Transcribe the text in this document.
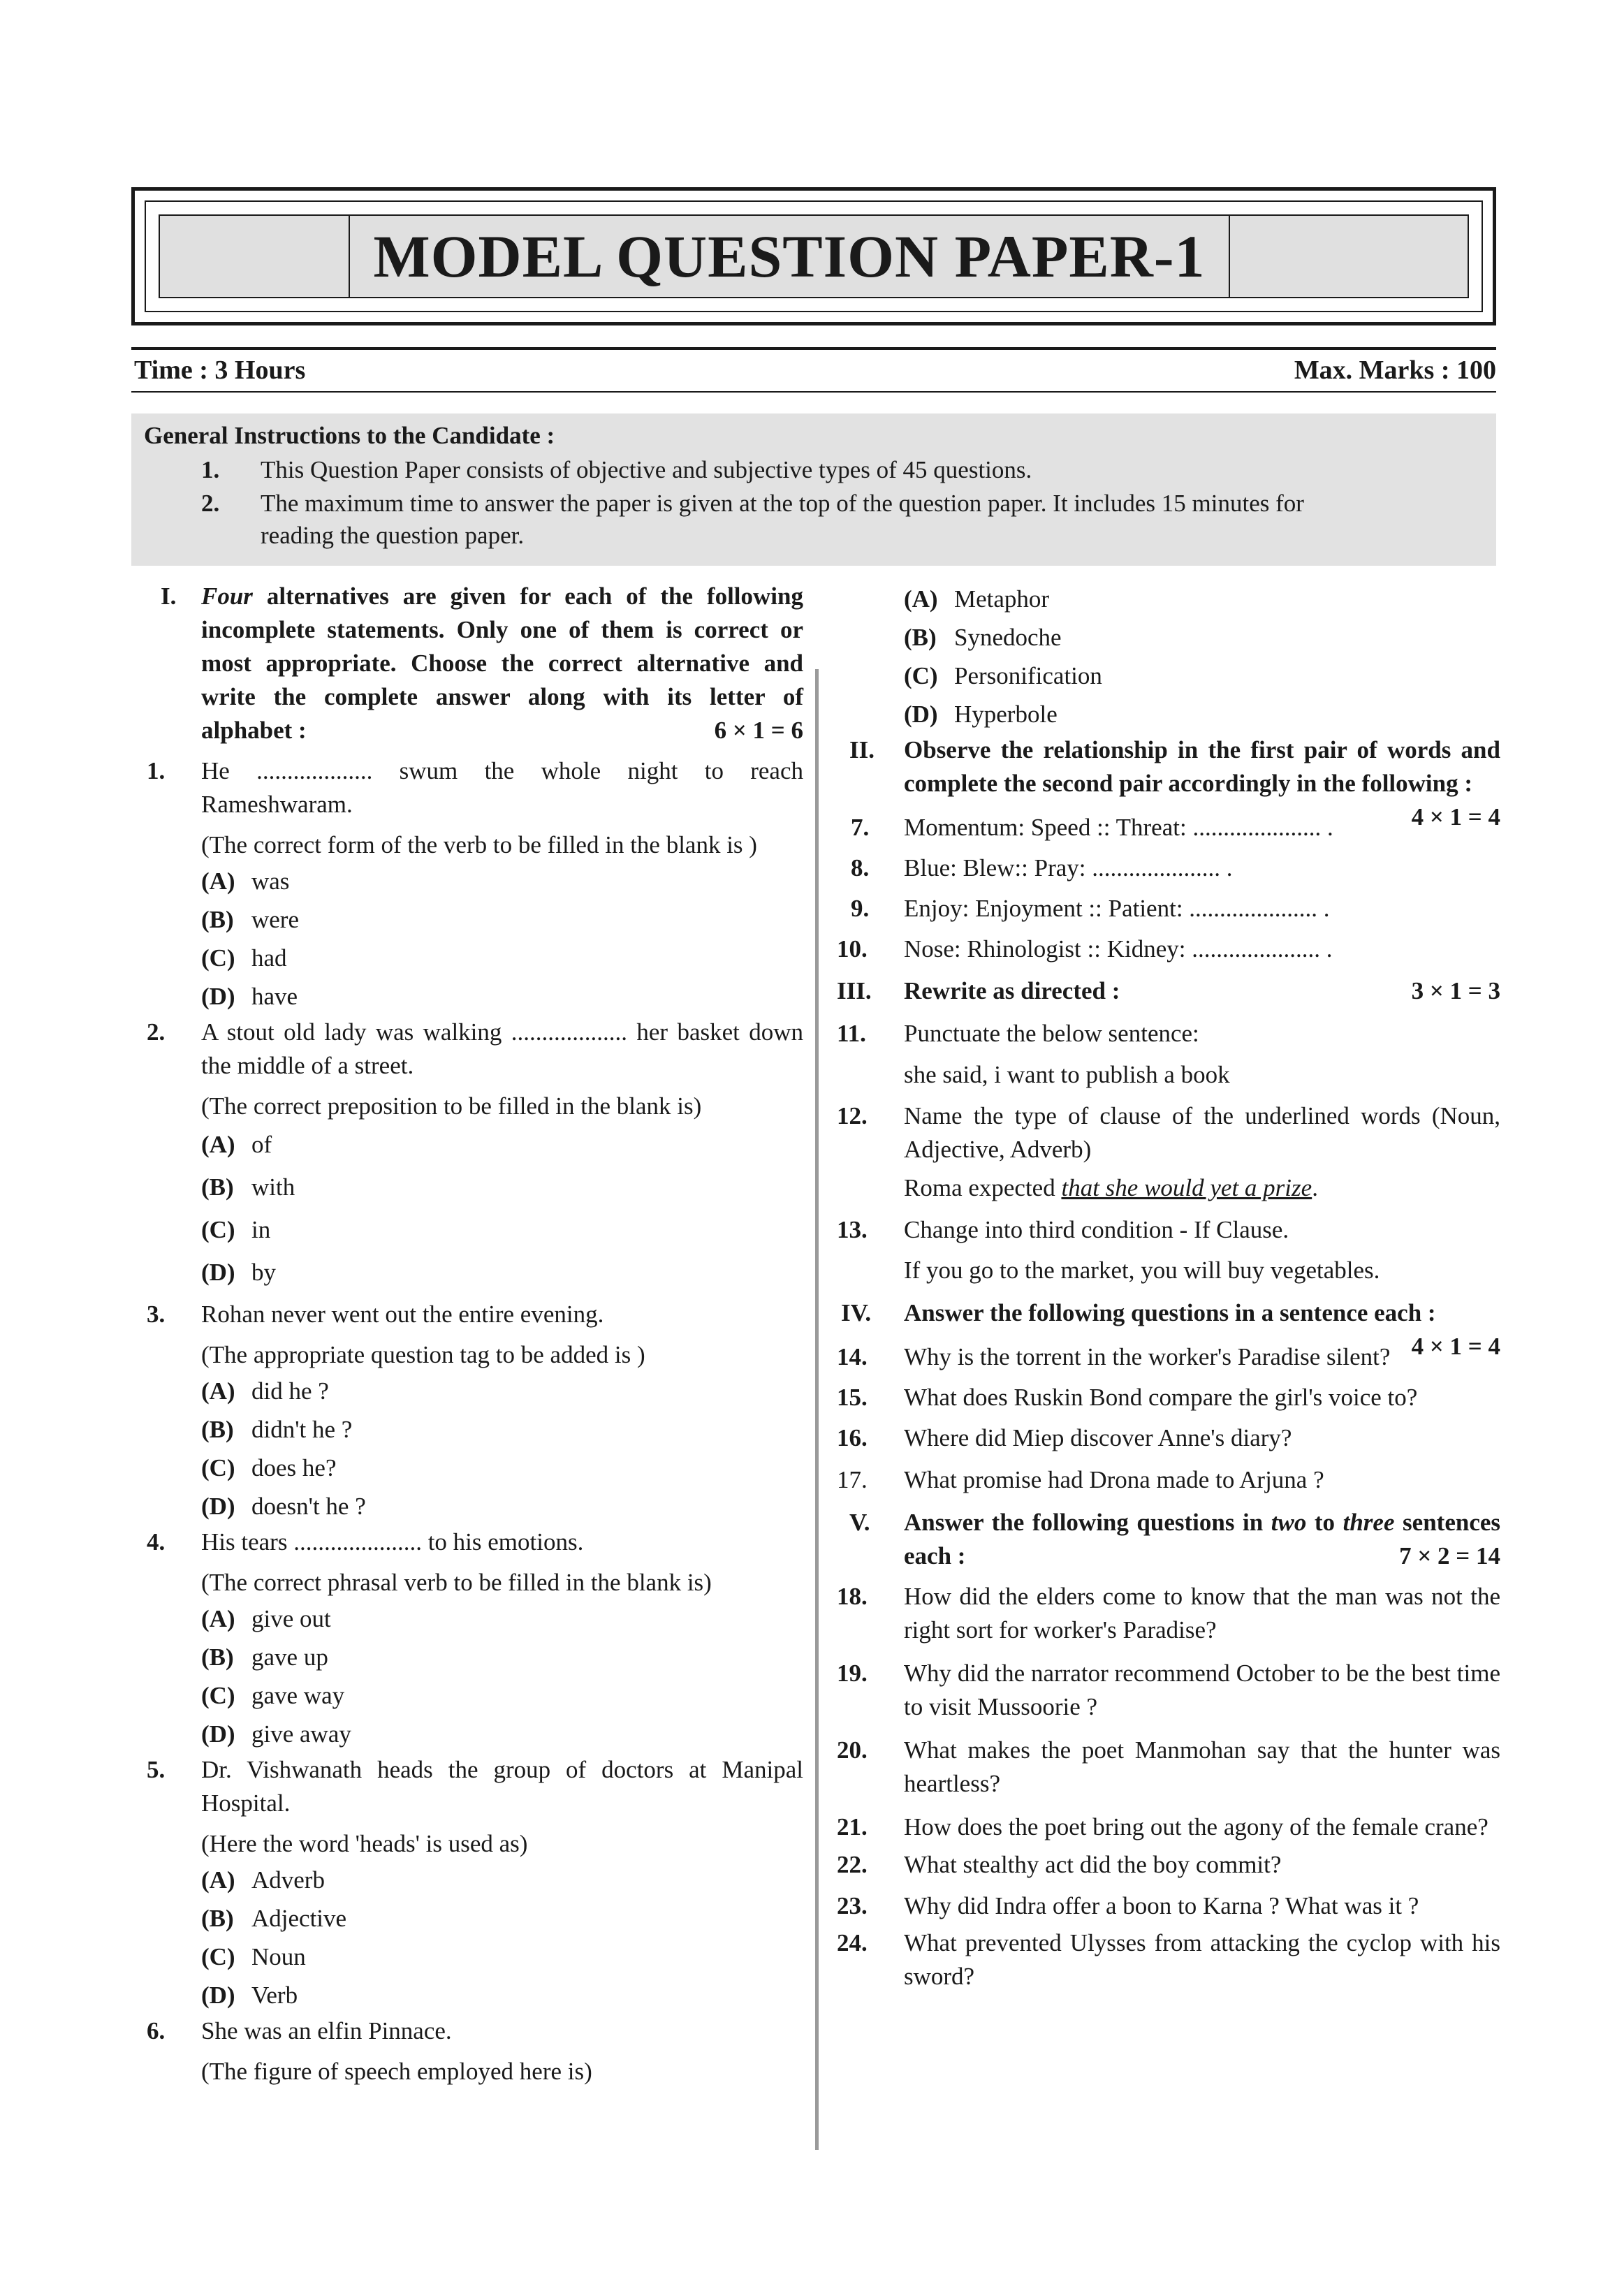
MODEL QUESTION PAPER-1
Time : 3 Hours	Max. Marks : 100
General Instructions to the Candidate :
1. This Question Paper consists of objective and subjective types of 45 questions.
2. The maximum time to answer the paper is given at the top of the question paper. It includes 15 minutes for
reading the question paper.
I. Four alternatives are given for each of the following incomplete statements. Only one of them is correct or most appropriate. Choose the correct alternative and write the complete answer along with its letter of alphabet :	6 × 1 = 6
1. He ................... swum the whole night to reach Rameshwaram.
(The correct form of the verb to be filled in the blank is )
(A) was
(B) were
(C) had
(D) have
2. A stout old lady was walking ................... her basket down the middle of a street.
(The correct preposition to be filled in the blank is)
(A) of
(B) with
(C) in
(D) by
3. Rohan never went out the entire evening.
(The appropriate question tag to be added is )
(A) did he ?
(B) didn't he ?
(C) does he?
(D) doesn't he ?
4. His tears ..................... to his emotions.
(The correct phrasal verb to be filled in the blank is)
(A) give out
(B) gave up
(C) gave way
(D) give away
5. Dr. Vishwanath heads the group of doctors at Manipal Hospital.
(Here the word 'heads' is used as)
(A) Adverb
(B) Adjective
(C) Noun
(D) Verb
6. She was an elfin Pinnace.
(The figure of speech employed here is)
(A) Metaphor
(B) Synedoche
(C) Personification
(D) Hyperbole
II. Observe the relationship in the first pair of words and complete the second pair accordingly in the following :
4 × 1 = 4
7. Momentum: Speed :: Threat: ..................... .
8. Blue: Blew:: Pray: ..................... .
9. Enjoy: Enjoyment :: Patient: ..................... .
10. Nose: Rhinologist :: Kidney: ..................... .
III. Rewrite as directed :	3 × 1 = 3
11. Punctuate the below sentence:
she said, i want to publish a book
12. Name the type of clause of the underlined words (Noun, Adjective, Adverb)
Roma expected that she would yet a prize.
13. Change into third condition - If Clause.
If you go to the market, you will buy vegetables.
IV. Answer the following questions in a sentence each :
4 × 1 = 4
14. Why is the torrent in the worker's Paradise silent?
15. What does Ruskin Bond compare the girl's voice to?
16. Where did Miep discover Anne's diary?
17. What promise had Drona made to Arjuna ?
V. Answer the following questions in two to three sentences each :	7 × 2 = 14
18. How did the elders come to know that the man was not the right sort for worker's Paradise?
19. Why did the narrator recommend October to be the best time to visit Mussoorie ?
20. What makes the poet Manmohan say that the hunter was heartless?
21. How does the poet bring out the agony of the female crane?
22. What stealthy act did the boy commit?
23. Why did Indra offer a boon to Karna ? What was it ?
24. What prevented Ulysses from attacking the cyclop with his sword?
